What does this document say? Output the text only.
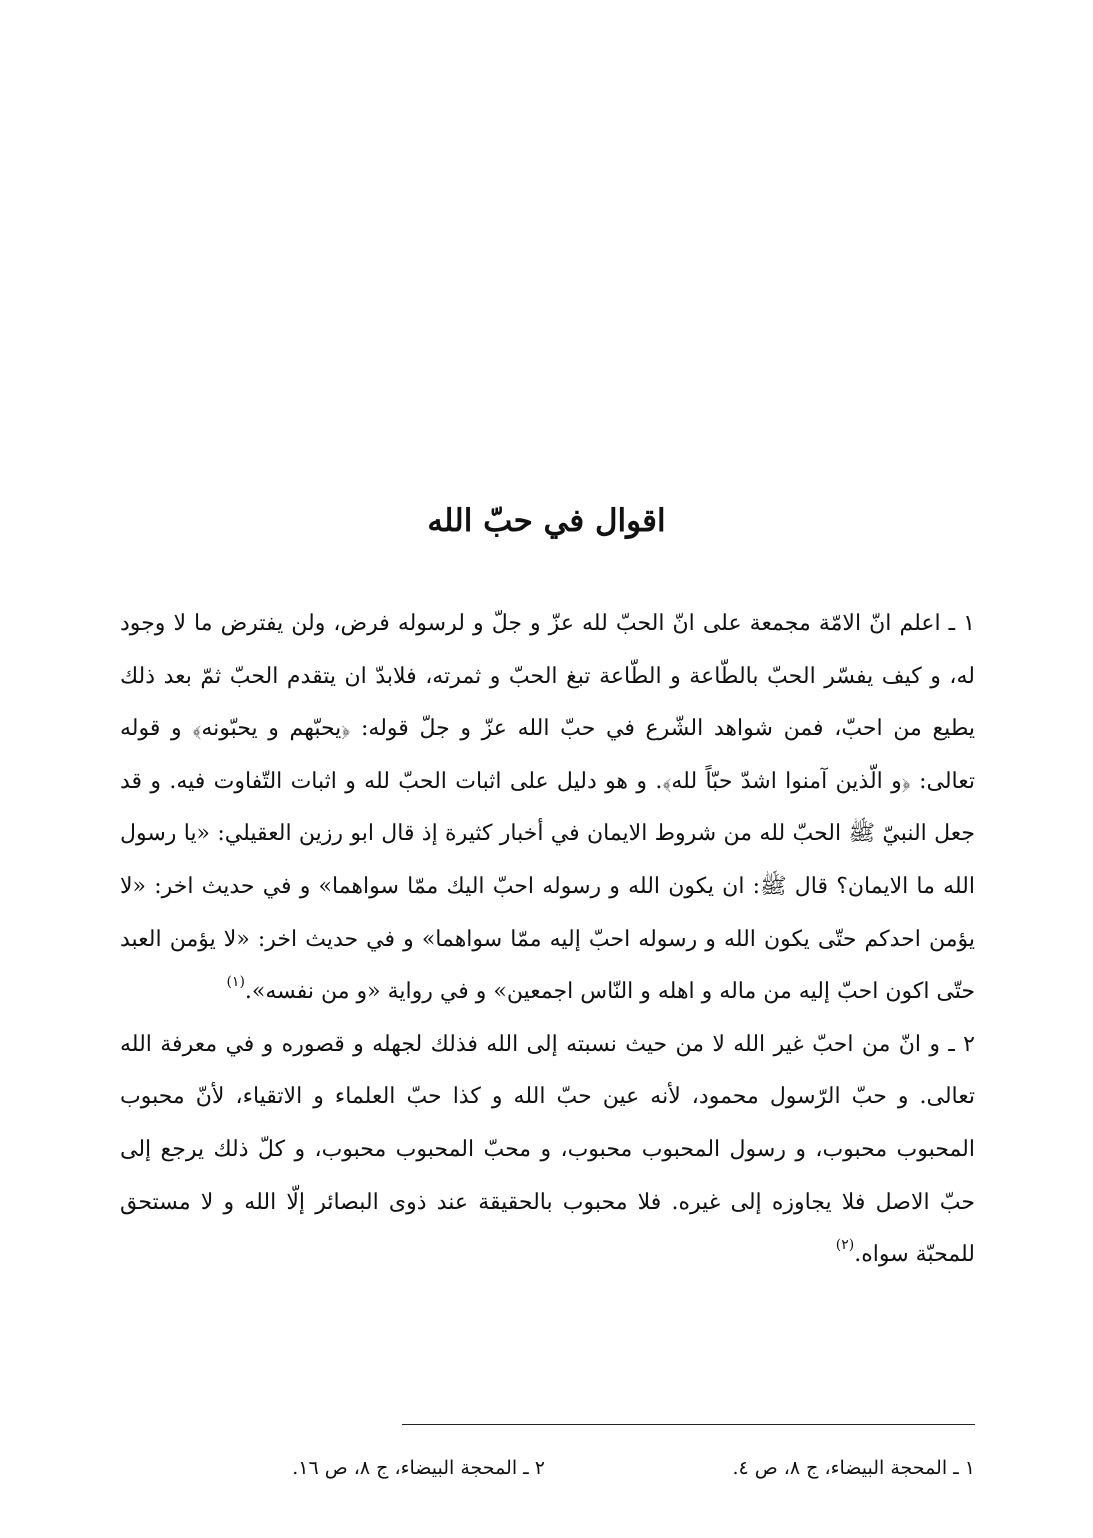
اقوال في حبّ الله

١ ـ اعلم انّ الامّة مجمعة على انّ الحبّ لله عزّ و جلّ و لرسوله فرض، ولن يفترض ما لا وجود له، و كيف يفسّر الحبّ بالطّاعة و الطّاعة تبغ الحبّ و ثمرته، فلابدّ ان يتقدم الحبّ ثمّ بعد ذلك يطيع من احبّ، فمن شواهد الشّرع في حبّ الله عزّ و جلّ قوله: ﴿يحبّهم و يحبّونه﴾ و قوله تعالى: ﴿و الّذين آمنوا اشدّ حبّاً لله﴾. و هو دليل على اثبات الحبّ لله و اثبات التّفاوت فيه. و قد جعل النبيّ ﷺ الحبّ لله من شروط الايمان في أخبار كثيرة إذ قال ابو رزين العقيلي: «يا رسول الله ما الايمان؟ قال ﷺ: ان يكون الله و رسوله احبّ اليك ممّا سواهما» و في حديث اخر: «لا يؤمن احدكم حتّى يكون الله و رسوله احبّ إليه ممّا سواهما» و في حديث اخر: «لا يؤمن العبد حتّى اكون احبّ إليه من ماله و اهله و النّاس اجمعين» و في رواية «و من نفسه».$^{(١)}$

٢ ـ و انّ من احبّ غير الله لا من حيث نسبته إلى الله فذلك لجهله و قصوره و في معرفة الله تعالى. و حبّ الرّسول محمود، لأنه عين حبّ الله و كذا حبّ العلماء و الاتقياء، لأنّ محبوب المحبوب محبوب، و رسول المحبوب محبوب، و محبّ المحبوب محبوب، و كلّ ذلك يرجع إلى حبّ الاصل فلا يجاوزه إلى غيره. فلا محبوب بالحقيقة عند ذوى البصائر إلّا الله و لا مستحق للمحبّة سواه.$^{(٢)}$

١ ـ المحجة البيضاء، ج ٨، ص ٤.
٢ ـ المحجة البيضاء، ج ٨، ص ١٦.
